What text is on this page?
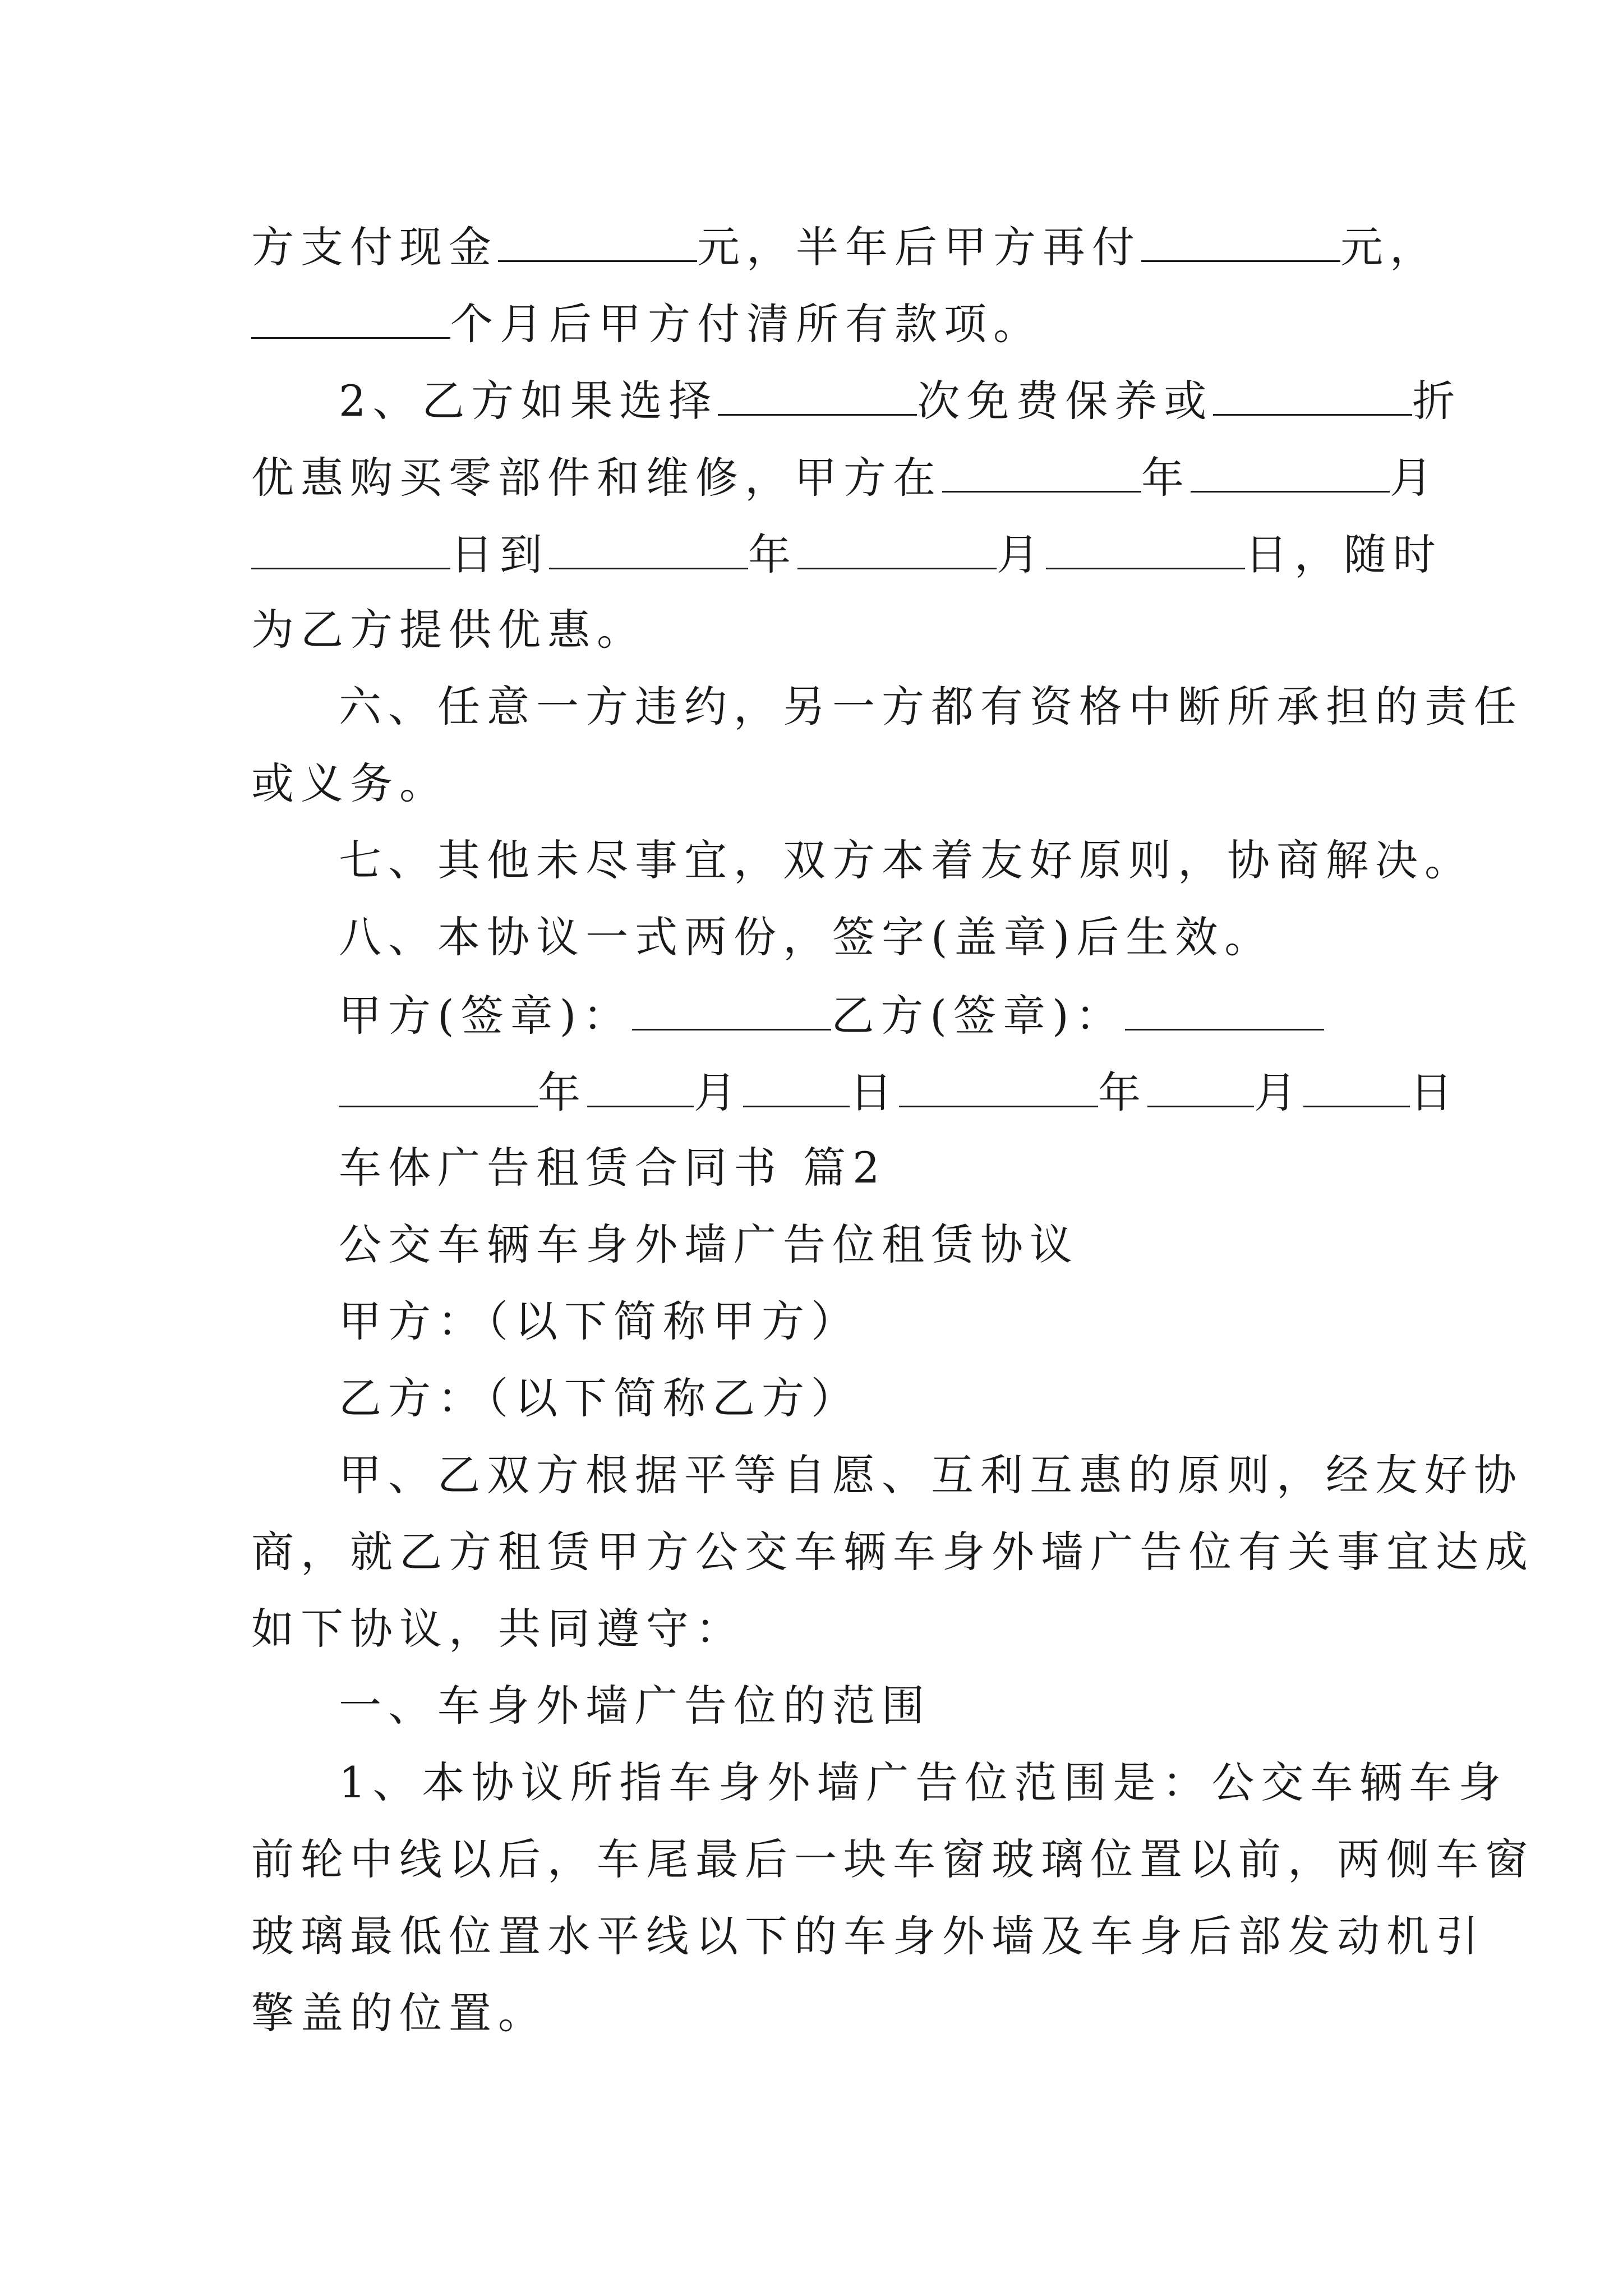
方支付现金	元，半年后甲方再付	元，
个月后甲方付清所有款项。
2、乙方如果选择	次免费保养或	折
优惠购买零部件和维修，甲方在	年	月
日到	年	月	日，随时
为乙方提供优惠。
六、任意一方违约，另一方都有资格中断所承担的责任
或义务。
七、其他未尽事宜，双方本着友好原则，协商解决。
八、本协议一式两份，签字(盖章)后生效。
甲方(签章)：	乙方(签章)：
年	月	日	年	月	日
车体广告租赁合同书 篇2
公交车辆车身外墙广告位租赁协议
甲方：（以下简称甲方）
乙方：（以下简称乙方）
甲、乙双方根据平等自愿、互利互惠的原则，经友好协
商，就乙方租赁甲方公交车辆车身外墙广告位有关事宜达成
如下协议，共同遵守：
一、车身外墙广告位的范围
1、本协议所指车身外墙广告位范围是：公交车辆车身
前轮中线以后，车尾最后一块车窗玻璃位置以前，两侧车窗
玻璃最低位置水平线以下的车身外墙及车身后部发动机引
擎盖的位置。
